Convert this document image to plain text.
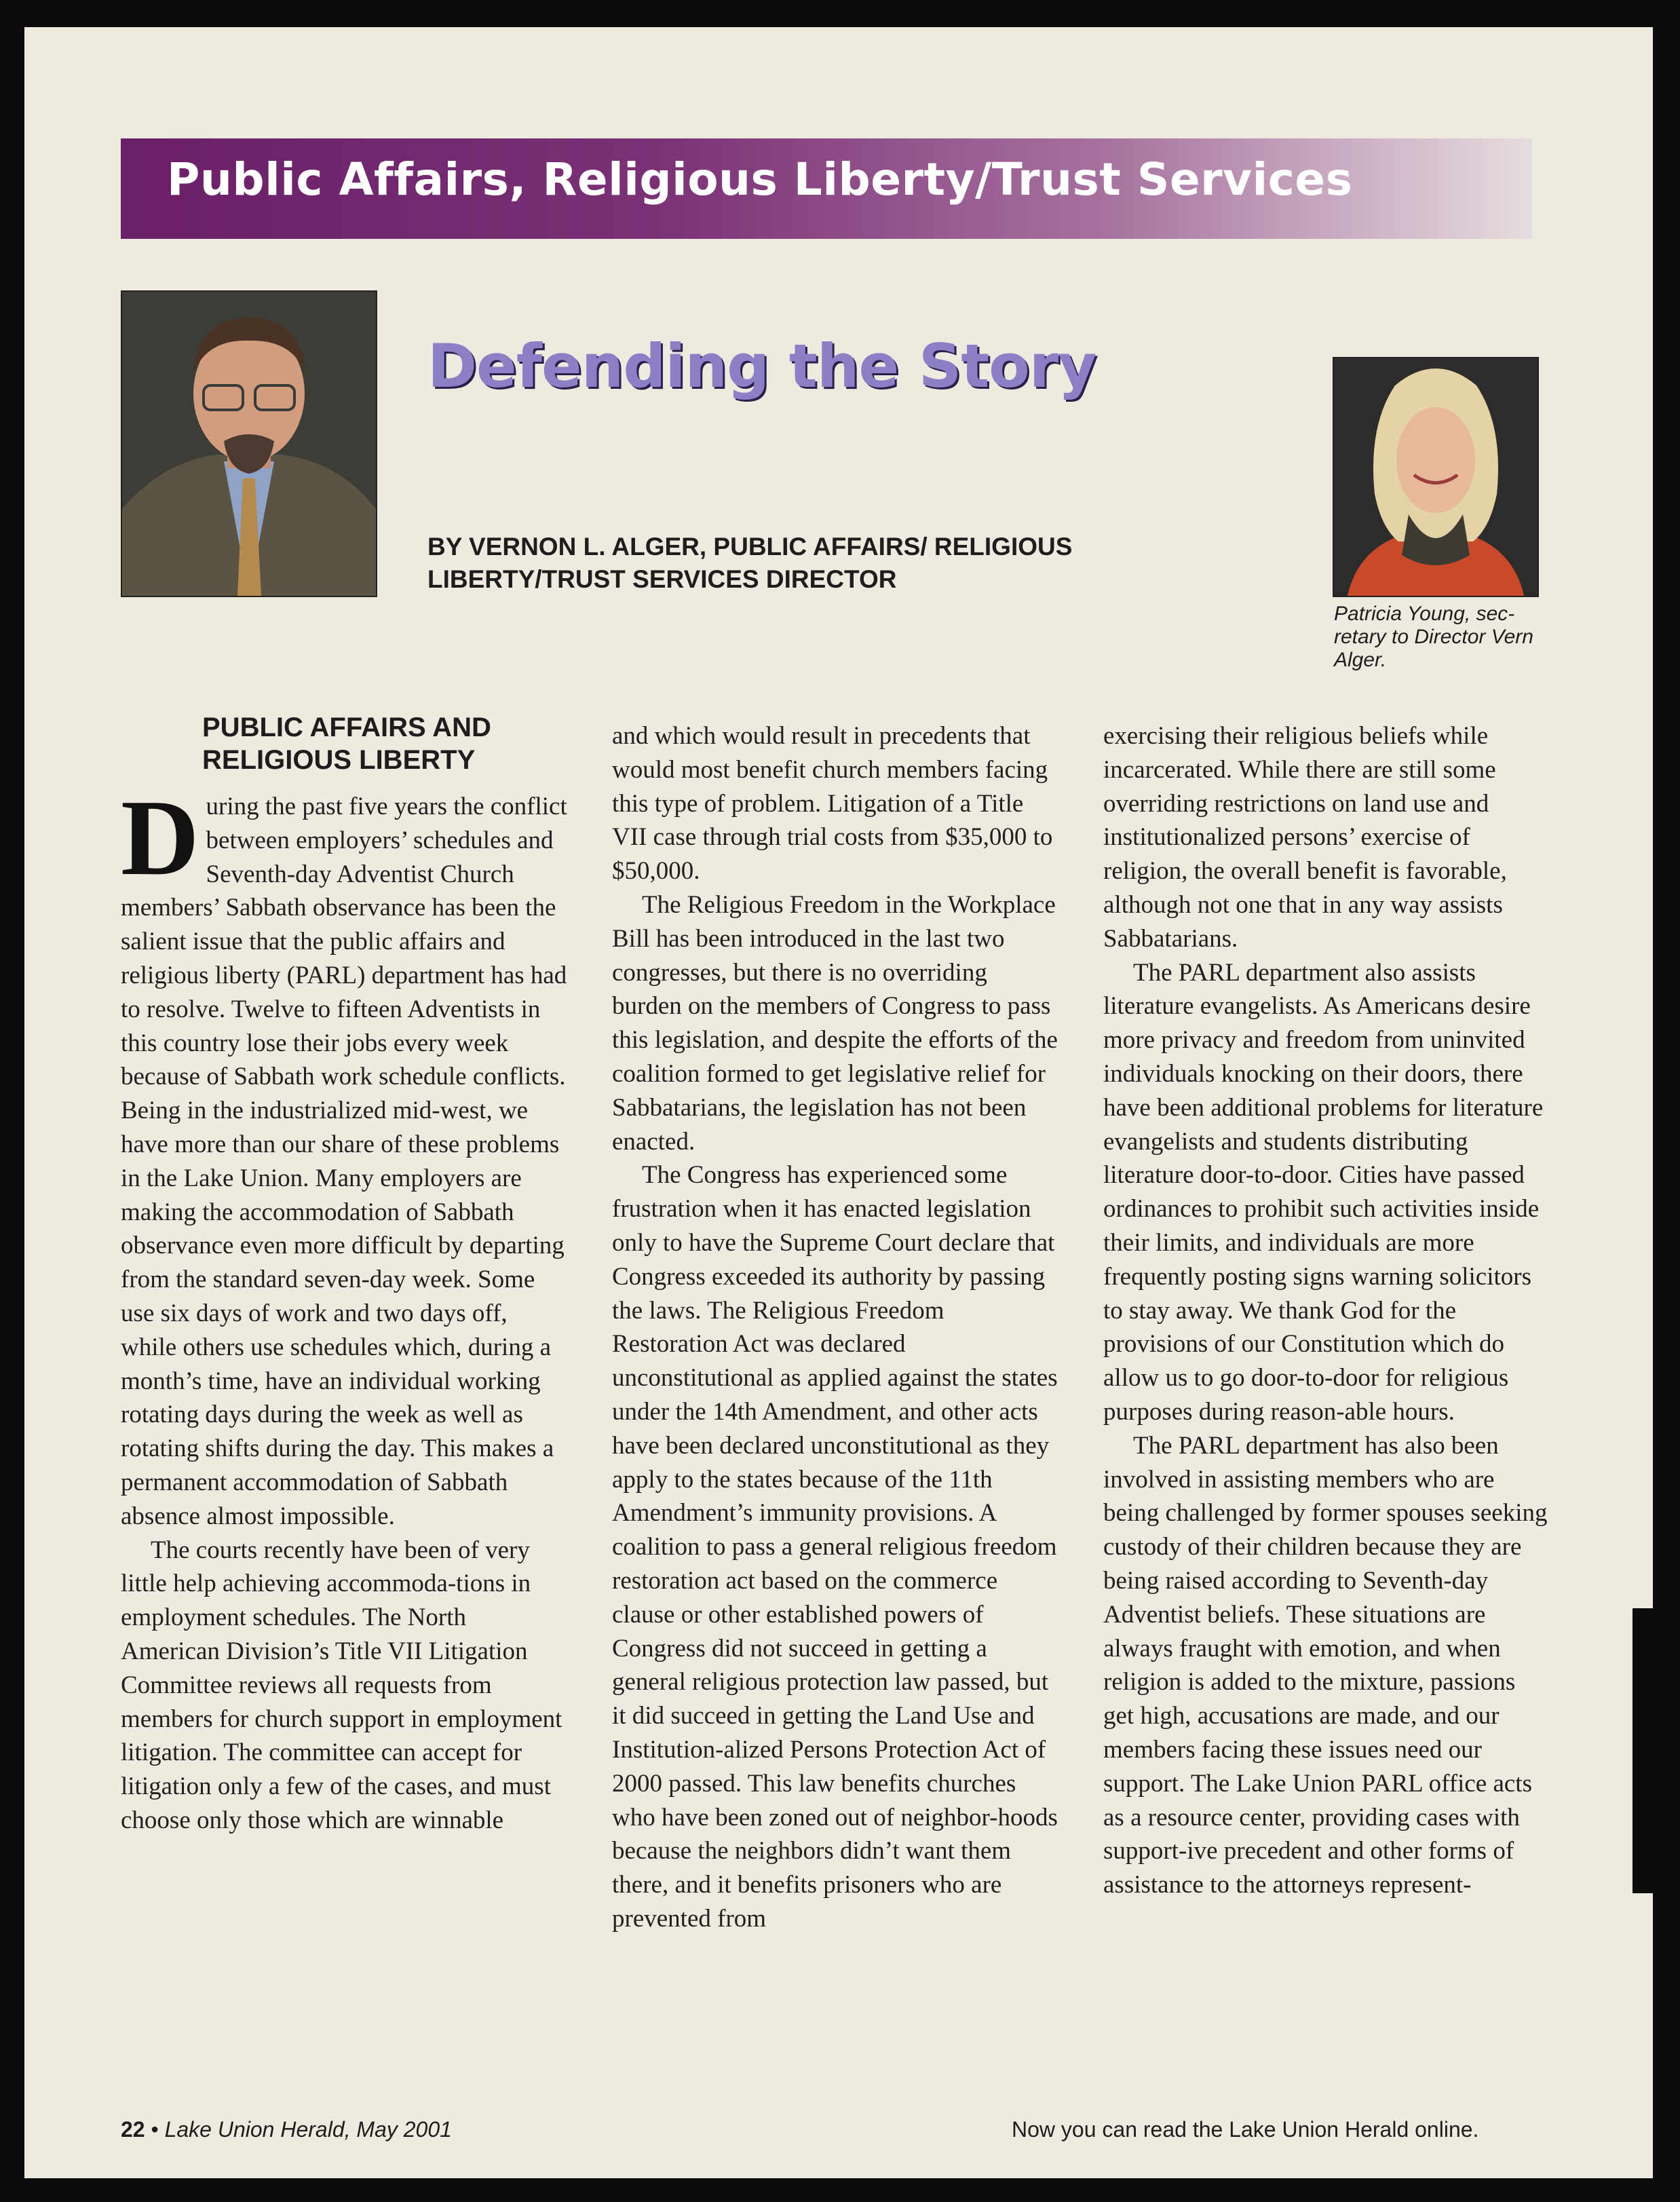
Public Affairs, Religious Liberty/Trust Services
Defending the Story
BY VERNON L. ALGER, PUBLIC AFFAIRS/ RELIGIOUS LIBERTY/TRUST SERVICES DIRECTOR
Patricia Young, sec-retary to Director Vern Alger.
PUBLIC AFFAIRS AND RELIGIOUS LIBERTY

During the past five years the conflict between employers’ schedules and Seventh-day Adventist Church members’ Sabbath observance has been the salient issue that the public affairs and religious liberty (PARL) department has had to resolve. Twelve to fifteen Adventists in this country lose their jobs every week because of Sabbath work schedule conflicts. Being in the industrialized mid-west, we have more than our share of these problems in the Lake Union. Many employers are making the accommodation of Sabbath observance even more difficult by departing from the standard seven-day week. Some use six days of work and two days off, while others use schedules which, during a month’s time, have an individual working rotating days during the week as well as rotating shifts during the day. This makes a permanent accommodation of Sabbath absence almost impossible.

The courts recently have been of very little help achieving accommoda-tions in employment schedules. The North American Division’s Title VII Litigation Committee reviews all requests from members for church support in employment litigation. The committee can accept for litigation only a few of the cases, and must choose only those which are winnable

and which would result in precedents that would most benefit church members facing this type of problem. Litigation of a Title VII case through trial costs from $35,000 to $50,000.

The Religious Freedom in the Workplace Bill has been introduced in the last two congresses, but there is no overriding burden on the members of Congress to pass this legislation, and despite the efforts of the coalition formed to get legislative relief for Sabbatarians, the legislation has not been enacted.

The Congress has experienced some frustration when it has enacted legislation only to have the Supreme Court declare that Congress exceeded its authority by passing the laws. The Religious Freedom Restoration Act was declared unconstitutional as applied against the states under the 14th Amendment, and other acts have been declared unconstitutional as they apply to the states because of the 11th Amendment’s immunity provisions. A coalition to pass a general religious freedom restoration act based on the commerce clause or other established powers of Congress did not succeed in getting a general religious protection law passed, but it did succeed in getting the Land Use and Institution-alized Persons Protection Act of 2000 passed. This law benefits churches who have been zoned out of neighbor-hoods because the neighbors didn’t want them there, and it benefits prisoners who are prevented from

exercising their religious beliefs while incarcerated. While there are still some overriding restrictions on land use and institutionalized persons’ exercise of religion, the overall benefit is favorable, although not one that in any way assists Sabbatarians.

The PARL department also assists literature evangelists. As Americans desire more privacy and freedom from uninvited individuals knocking on their doors, there have been additional problems for literature evangelists and students distributing literature door-to-door. Cities have passed ordinances to prohibit such activities inside their limits, and individuals are more frequently posting signs warning solicitors to stay away. We thank God for the provisions of our Constitution which do allow us to go door-to-door for religious purposes during reason-able hours.

The PARL department has also been involved in assisting members who are being challenged by former spouses seeking custody of their children because they are being raised according to Seventh-day Adventist beliefs. These situations are always fraught with emotion, and when religion is added to the mixture, passions get high, accusations are made, and our members facing these issues need our support. The Lake Union PARL office acts as a resource center, providing cases with support-ive precedent and other forms of assistance to the attorneys represent-

22 • Lake Union Herald, May 2001	Now you can read the Lake Union Herald online.
